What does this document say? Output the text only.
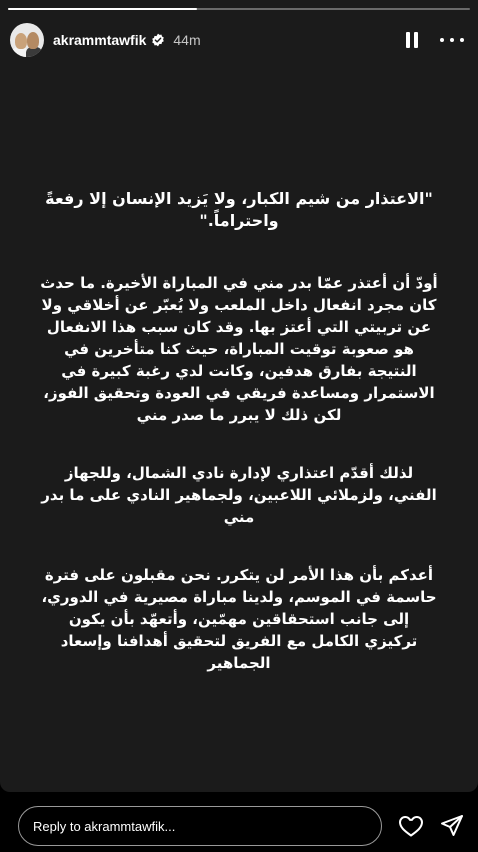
akrammtawfik 44m

"الاعتذار من شيم الكبار، ولا يَزيد الإنسان إلا رفعةً واحتراماً."

أودّ أن أعتذر عمّا بدر مني في المباراة الأخيرة. ما حدث كان مجرد انفعال داخل الملعب ولا يُعبّر عن أخلاقي ولا عن تربيتي التي أعتز بها. وقد كان سبب هذا الانفعال هو صعوبة توقيت المباراة، حيث كنا متأخرين في النتيجة بفارق هدفين، وكانت لدي رغبة كبيرة في الاستمرار ومساعدة فريقي في العودة وتحقيق الفوز، لكن ذلك لا يبرر ما صدر مني

لذلك أقدّم اعتذاري لإدارة نادي الشمال، وللجهاز الفني، ولزملائي اللاعبين، ولجماهير النادي على ما بدر مني

أعدكم بأن هذا الأمر لن يتكرر. نحن مقبلون على فترة حاسمة في الموسم، ولدينا مباراة مصيرية في الدوري، إلى جانب استحقاقين مهمّين، وأتعهّد بأن يكون تركيزي الكامل مع الفريق لتحقيق أهدافنا وإسعاد الجماهير

Reply to akrammtawfik...
